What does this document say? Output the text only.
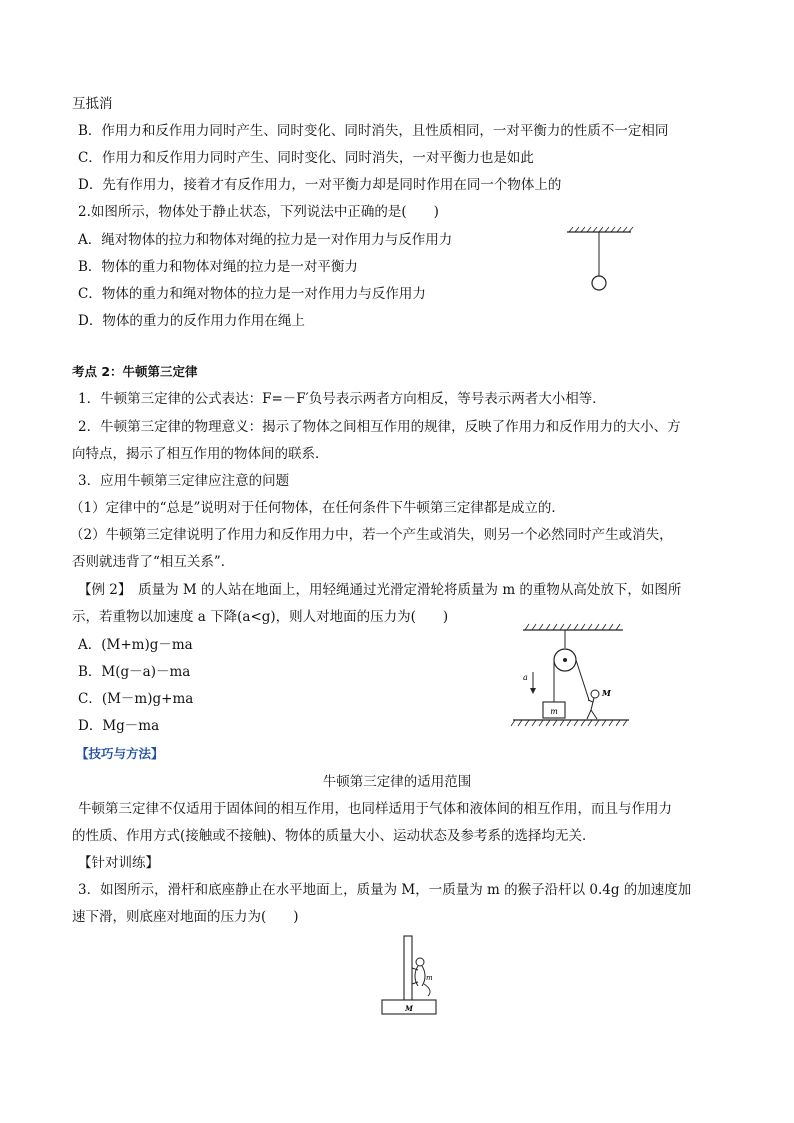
互抵消
B．作用力和反作用力同时产生、同时变化、同时消失，且性质相同，一对平衡力的性质不一定相同
C．作用力和反作用力同时产生、同时变化、同时消失，一对平衡力也是如此
D．先有作用力，接着才有反作用力，一对平衡力却是同时作用在同一个物体上的
2.如图所示，物体处于静止状态，下列说法中正确的是(　　)
A．绳对物体的拉力和物体对绳的拉力是一对作用力与反作用力
B．物体的重力和物体对绳的拉力是一对平衡力
C．物体的重力和绳对物体的拉力是一对作用力与反作用力
D．物体的重力的反作用力作用在绳上
考点 2：牛顿第三定律
1．牛顿第三定律的公式表达：F=－F′负号表示两者方向相反，等号表示两者大小相等．
2．牛顿第三定律的物理意义：揭示了物体之间相互作用的规律，反映了作用力和反作用力的大小、方
向特点，揭示了相互作用的物体间的联系．
3．应用牛顿第三定律应注意的问题
（1）定律中的“总是”说明对于任何物体，在任何条件下牛顿第三定律都是成立的．
（2）牛顿第三定律说明了作用力和反作用力中，若一个产生或消失，则另一个必然同时产生或消失，
否则就违背了“相互关系”．
【例 2】　质量为 M 的人站在地面上，用轻绳通过光滑定滑轮将质量为 m 的重物从高处放下，如图所
示，若重物以加速度 a 下降(a<g)，则人对地面的压力为(　　)
A．(M+m)g－ma
B．M(g－a)－ma
C．(M－m)g+ma
D．Mg－ma
m
a
M
【技巧与方法】
牛顿第三定律的适用范围
牛顿第三定律不仅适用于固体间的相互作用，也同样适用于气体和液体间的相互作用，而且与作用力
的性质、作用方式(接触或不接触)、物体的质量大小、运动状态及参考系的选择均无关．
【针对训练】
3．如图所示，滑杆和底座静止在水平地面上，质量为 M，一质量为 m 的猴子沿杆以 0.4g 的加速度加
速下滑，则底座对地面的压力为(　　)
M
m
